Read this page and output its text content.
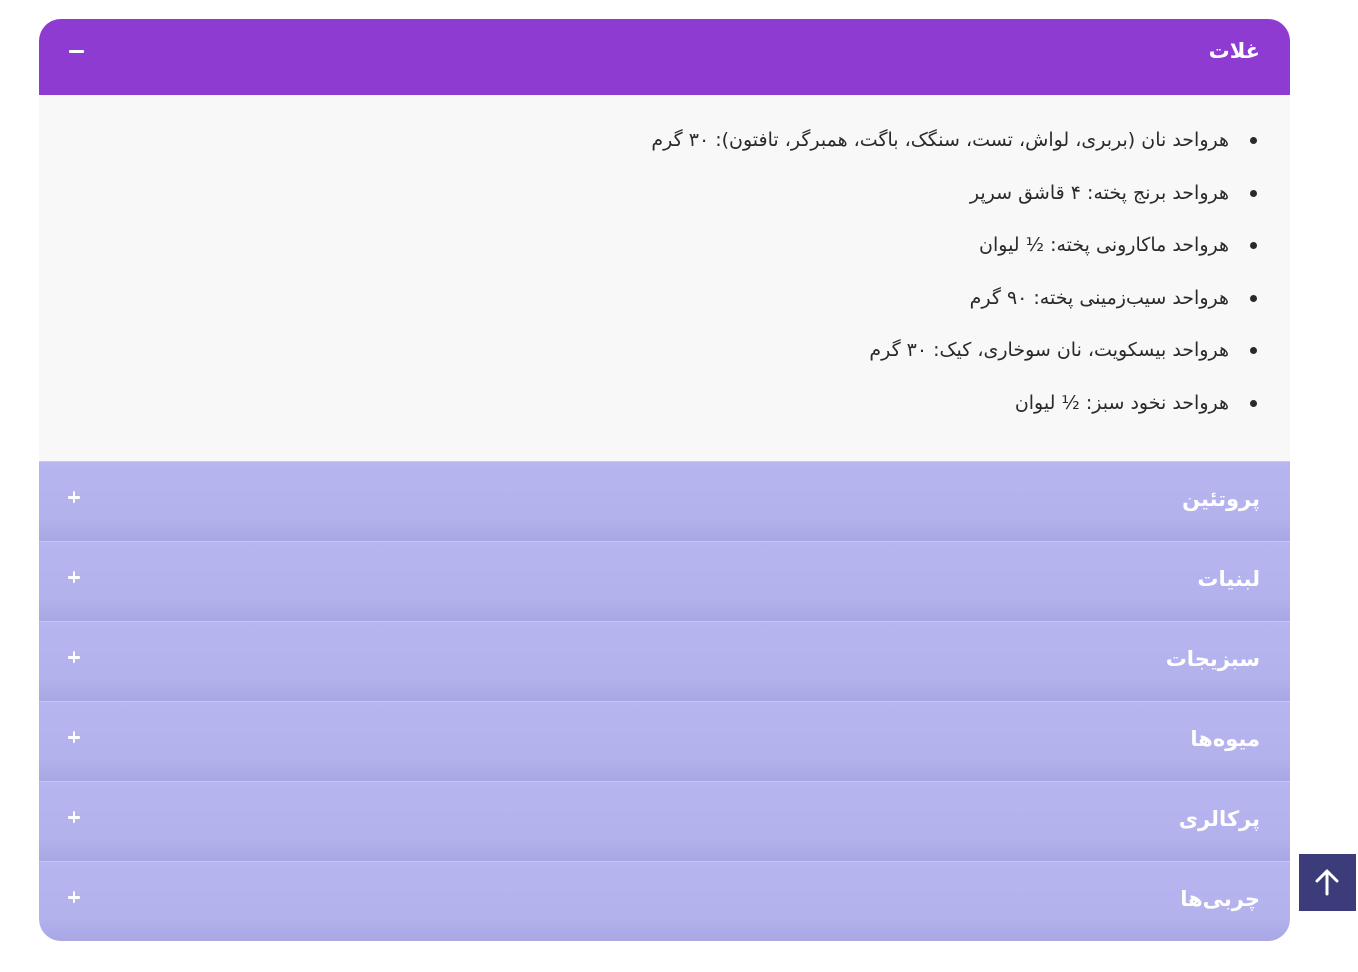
غلات
هرواحد نان (بربری، لواش، تست، سنگک، باگت، همبرگر، تافتون): ۳۰ گرم
هرواحد برنج پخته: ۴ قاشق سرپر
هرواحد ماکارونی پخته: ½ لیوان
هرواحد سیب‌زمینی پخته: ۹۰ گرم
هرواحد بیسکویت، نان سوخاری، کیک: ۳۰ گرم
هرواحد نخود سبز: ½ لیوان
پروتئین
لبنیات
سبزیجات
میوه‌ها
پرکالری
چربی‌ها
